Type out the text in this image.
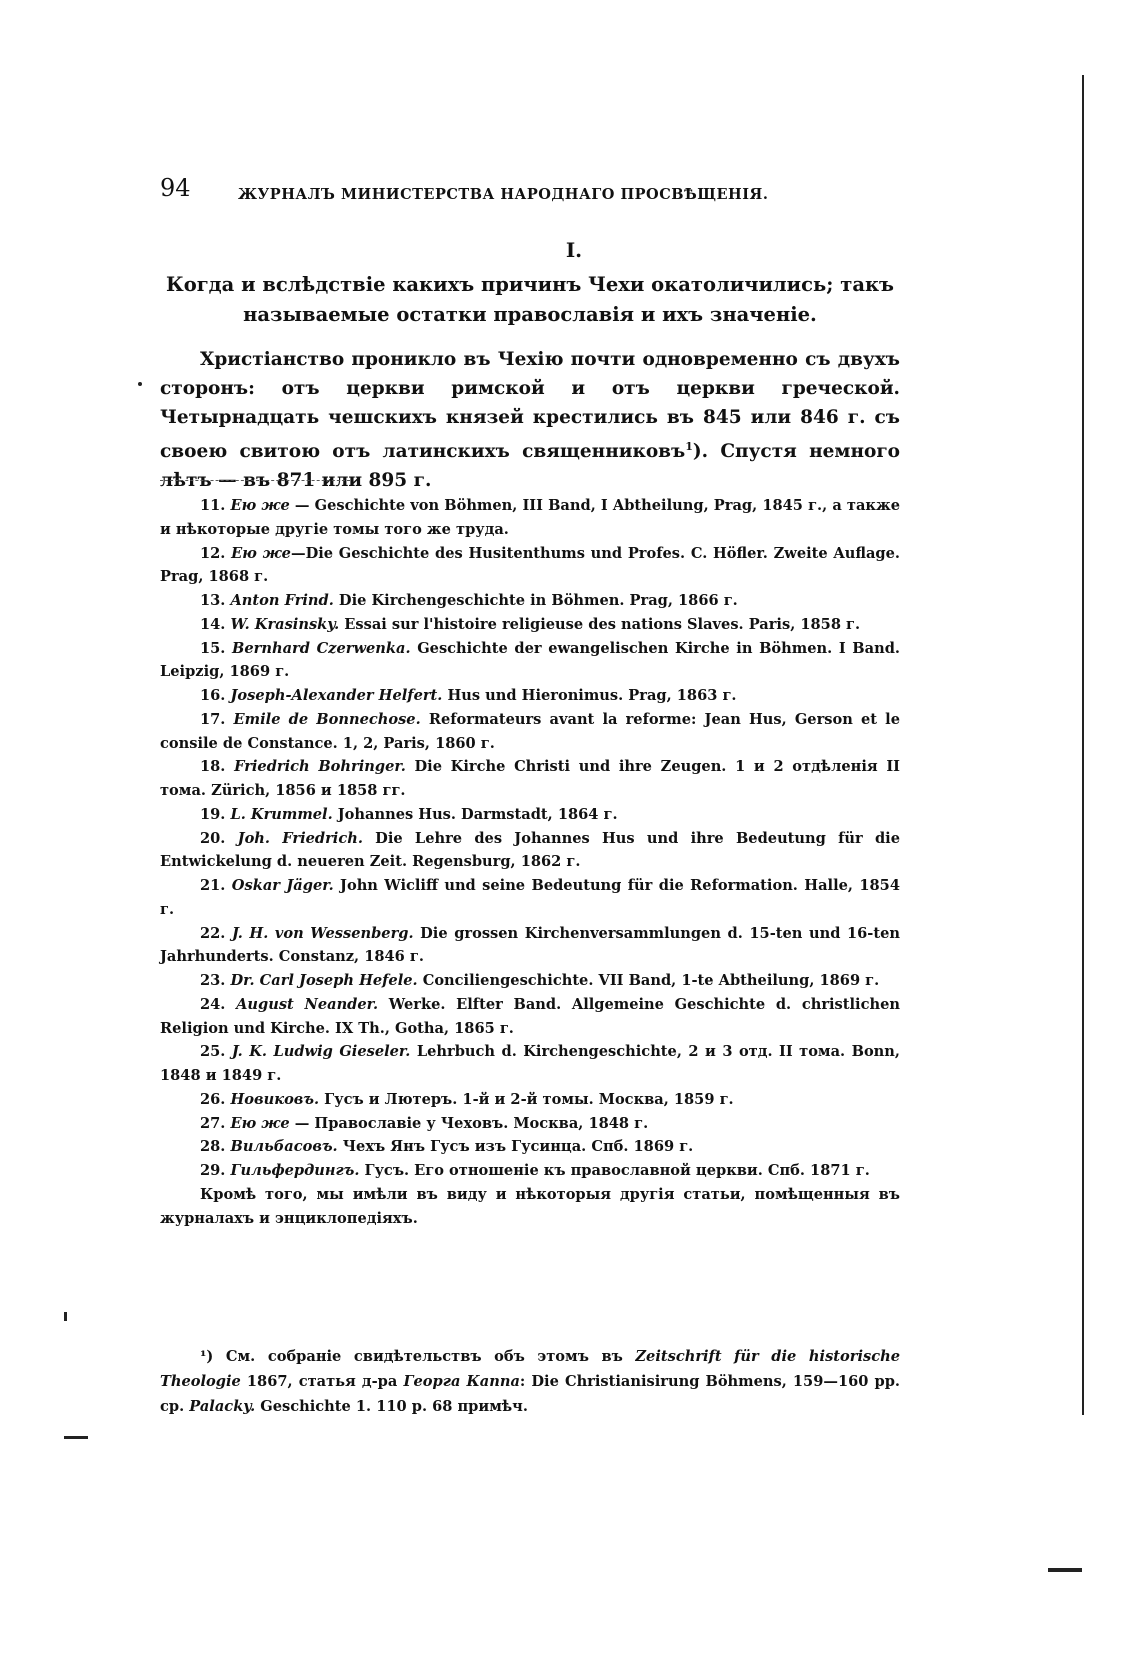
94	ЖУРНАЛЪ МИНИСТЕРСТВА НАРОДНАГО ПРОСВѢЩЕНІЯ.
I.
Когда и вслѣдствіе какихъ причинъ Чехи окатоличились; такъ
называемые остатки православія и ихъ значеніе.
Христіанство проникло въ Чехію почти одновременно съ двухъ сторонъ: отъ церкви римской и отъ церкви греческой. Четырнадцать чешскихъ князей крестились въ 845 или 846 г. съ своею свитою отъ латинскихъ священниковъ$^1$). Спустя немного лѣтъ — въ 871 или 895 г.

11. Ею же — Geschichte von Böhmen, III Band, I Abtheilung, Prag, 1845 г., а также и нѣкоторые другіе томы того же труда.

12. Ею же—Die Geschichte des Husitenthums und Profes. C. Höfler. Zweite Auflage. Prag, 1868 г.

13. Anton Frind. Die Kirchengeschichte in Böhmen. Prag, 1866 г.

14. W. Krasinsky. Essai sur l'histoire religieuse des nations Slaves. Paris, 1858 г.

15. Bernhard Czerwenka. Geschichte der ewangelischen Kirche in Böhmen. I Band. Leipzig, 1869 г.

16. Joseph-Alexander Helfert. Hus und Hieronimus. Prag, 1863 г.

17. Emile de Bonnechose. Reformateurs avant la reforme: Jean Hus, Gerson et le consile de Constance. 1, 2, Paris, 1860 г.

18. Friedrich Bohringer. Die Kirche Christi und ihre Zeugen. 1 и 2 отдѣленія II тома. Zürich, 1856 и 1858 гг.

19. L. Krummel. Johannes Hus. Darmstadt, 1864 г.

20. Joh. Friedrich. Die Lehre des Johannes Hus und ihre Bedeutung für die Entwickelung d. neueren Zeit. Regensburg, 1862 г.

21. Oskar Jäger. John Wicliff und seine Bedeutung für die Reformation. Halle, 1854 г.

22. J. H. von Wessenberg. Die grossen Kirchenversammlungen d. 15-ten und 16-ten Jahrhunderts. Constanz, 1846 г.

23. Dr. Carl Joseph Hefele. Conciliengeschichte. VII Band, 1-te Abtheilung, 1869 г.

24. August Neander. Werke. Elfter Band. Allgemeine Geschichte d. christlichen Religion und Kirche. IX Th., Gotha, 1865 г.

25. J. K. Ludwig Gieseler. Lehrbuch d. Kirchengeschichte, 2 и 3 отд. II тома. Bonn, 1848 и 1849 г.

26. Новиковъ. Гусъ и Лютеръ. 1-й и 2-й томы. Москва, 1859 г.

27. Ею же — Православіе у Чеховъ. Москва, 1848 г.

28. Вильбасовъ. Чехъ Янъ Гусъ изъ Гусинца. Спб. 1869 г.

29. Гильфердингъ. Гусъ. Его отношеніе къ православной церкви. Спб. 1871 г.

Кромѣ того, мы имѣли въ виду и нѣкоторыя другія статьи, помѣщенныя въ журналахъ и энциклопедіяхъ.

¹) См. собраніе свидѣтельствъ объ этомъ въ Zeitschrift für die historische Theologie 1867, статья д-ра Георга Каппа: Die Christianisirung Böhmens, 159—160 pp. ср. Palacky. Geschichte 1. 110 р. 68 примѣч.
